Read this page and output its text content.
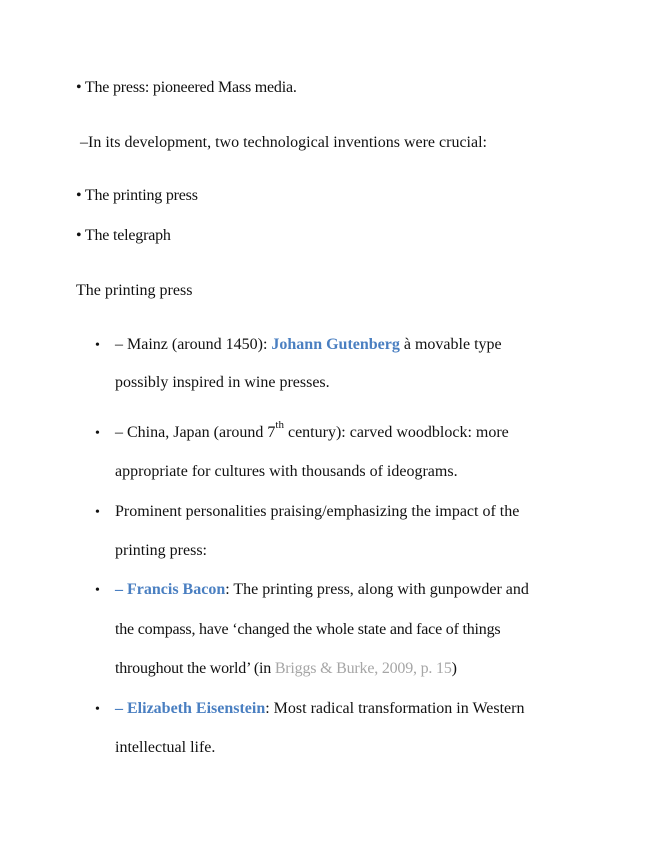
• The press: pioneered Mass media.
–In its development, two technological inventions were crucial:
• The printing press
• The telegraph
The printing press
• – Mainz (around 1450): Johann Gutenberg à movable type
possibly inspired in wine presses.
• – China, Japan (around 7th century): carved woodblock: more
appropriate for cultures with thousands of ideograms.
• Prominent personalities praising/emphasizing the impact of the
printing press:
• – Francis Bacon: The printing press, along with gunpowder and
the compass, have ‘changed the whole state and face of things
throughout the world’ (in Briggs & Burke, 2009, p. 15)
• – Elizabeth Eisenstein: Most radical transformation in Western
intellectual life.
